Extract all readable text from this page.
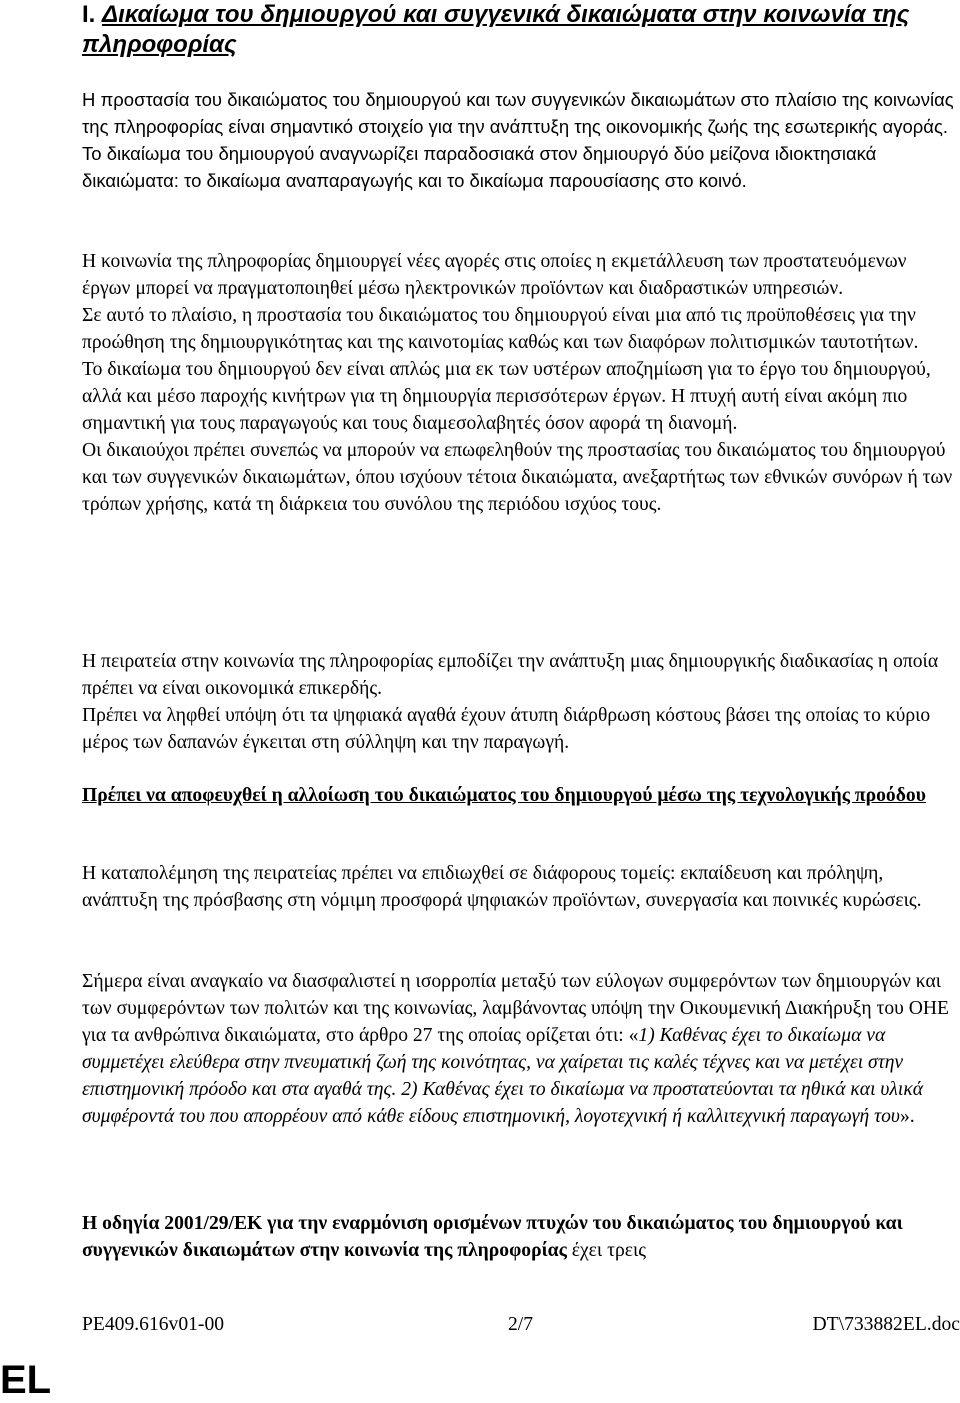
I. Δικαίωμα του δημιουργού και συγγενικά δικαιώματα στην κοινωνία της πληροφορίας

Η προστασία του δικαιώματος του δημιουργού και των συγγενικών δικαιωμάτων στο πλαίσιο της κοινωνίας της πληροφορίας είναι σημαντικό στοιχείο για την ανάπτυξη της οικονομικής ζωής της εσωτερικής αγοράς.

Το δικαίωμα του δημιουργού αναγνωρίζει παραδοσιακά στον δημιουργό δύο μείζονα ιδιοκτησιακά δικαιώματα: το δικαίωμα αναπαραγωγής και το δικαίωμα παρουσίασης στο κοινό.

Η κοινωνία της πληροφορίας δημιουργεί νέες αγορές στις οποίες η εκμετάλλευση των προστατευόμενων έργων μπορεί να πραγματοποιηθεί μέσω ηλεκτρονικών προϊόντων και διαδραστικών υπηρεσιών.

Σε αυτό το πλαίσιο, η προστασία του δικαιώματος του δημιουργού είναι μια από τις προϋποθέσεις για την προώθηση της δημιουργικότητας και της καινοτομίας καθώς και των διαφόρων πολιτισμικών ταυτοτήτων.

Το δικαίωμα του δημιουργού δεν είναι απλώς μια εκ των υστέρων αποζημίωση για το έργο του δημιουργού, αλλά και μέσο παροχής κινήτρων για τη δημιουργία περισσότερων έργων. Η πτυχή αυτή είναι ακόμη πιο σημαντική για τους παραγωγούς και τους διαμεσολαβητές όσον αφορά τη διανομή.

Οι δικαιούχοι πρέπει συνεπώς να μπορούν να επωφεληθούν της προστασίας του δικαιώματος του δημιουργού και των συγγενικών δικαιωμάτων, όπου ισχύουν τέτοια δικαιώματα, ανεξαρτήτως των εθνικών συνόρων ή των τρόπων χρήσης, κατά τη διάρκεια του συνόλου της περιόδου ισχύος τους.

Η πειρατεία στην κοινωνία της πληροφορίας εμποδίζει την ανάπτυξη μιας δημιουργικής διαδικασίας η οποία πρέπει να είναι οικονομικά επικερδής.

Πρέπει να ληφθεί υπόψη ότι τα ψηφιακά αγαθά έχουν άτυπη διάρθρωση κόστους βάσει της οποίας το κύριο μέρος των δαπανών έγκειται στη σύλληψη και την παραγωγή.

Πρέπει να αποφευχθεί η αλλοίωση του δικαιώματος του δημιουργού μέσω της τεχνολογικής προόδου

Η καταπολέμηση της πειρατείας πρέπει να επιδιωχθεί σε διάφορους τομείς: εκπαίδευση και πρόληψη, ανάπτυξη της πρόσβασης στη νόμιμη προσφορά ψηφιακών προϊόντων, συνεργασία και ποινικές κυρώσεις.

Σήμερα είναι αναγκαίο να διασφαλιστεί η ισορροπία μεταξύ των εύλογων συμφερόντων των δημιουργών και των συμφερόντων των πολιτών και της κοινωνίας, λαμβάνοντας υπόψη την Οικουμενική Διακήρυξη του ΟΗΕ για τα ανθρώπινα δικαιώματα, στο άρθρο 27 της οποίας ορίζεται ότι: «1) Καθένας έχει το δικαίωμα να συμμετέχει ελεύθερα στην πνευματική ζωή της κοινότητας, να χαίρεται τις καλές τέχνες και να μετέχει στην επιστημονική πρόοδο και στα αγαθά της. 2) Καθένας έχει το δικαίωμα να προστατεύονται τα ηθικά και υλικά συμφέροντά του που απορρέουν από κάθε είδους επιστημονική, λογοτεχνική ή καλλιτεχνική παραγωγή του».

Η οδηγία 2001/29/ΕΚ για την εναρμόνιση ορισμένων πτυχών του δικαιώματος του δημιουργού και συγγενικών δικαιωμάτων στην κοινωνία της πληροφορίας έχει τρεις

PE409.616v01-00	2/7	DT\733882EL.doc
EL
